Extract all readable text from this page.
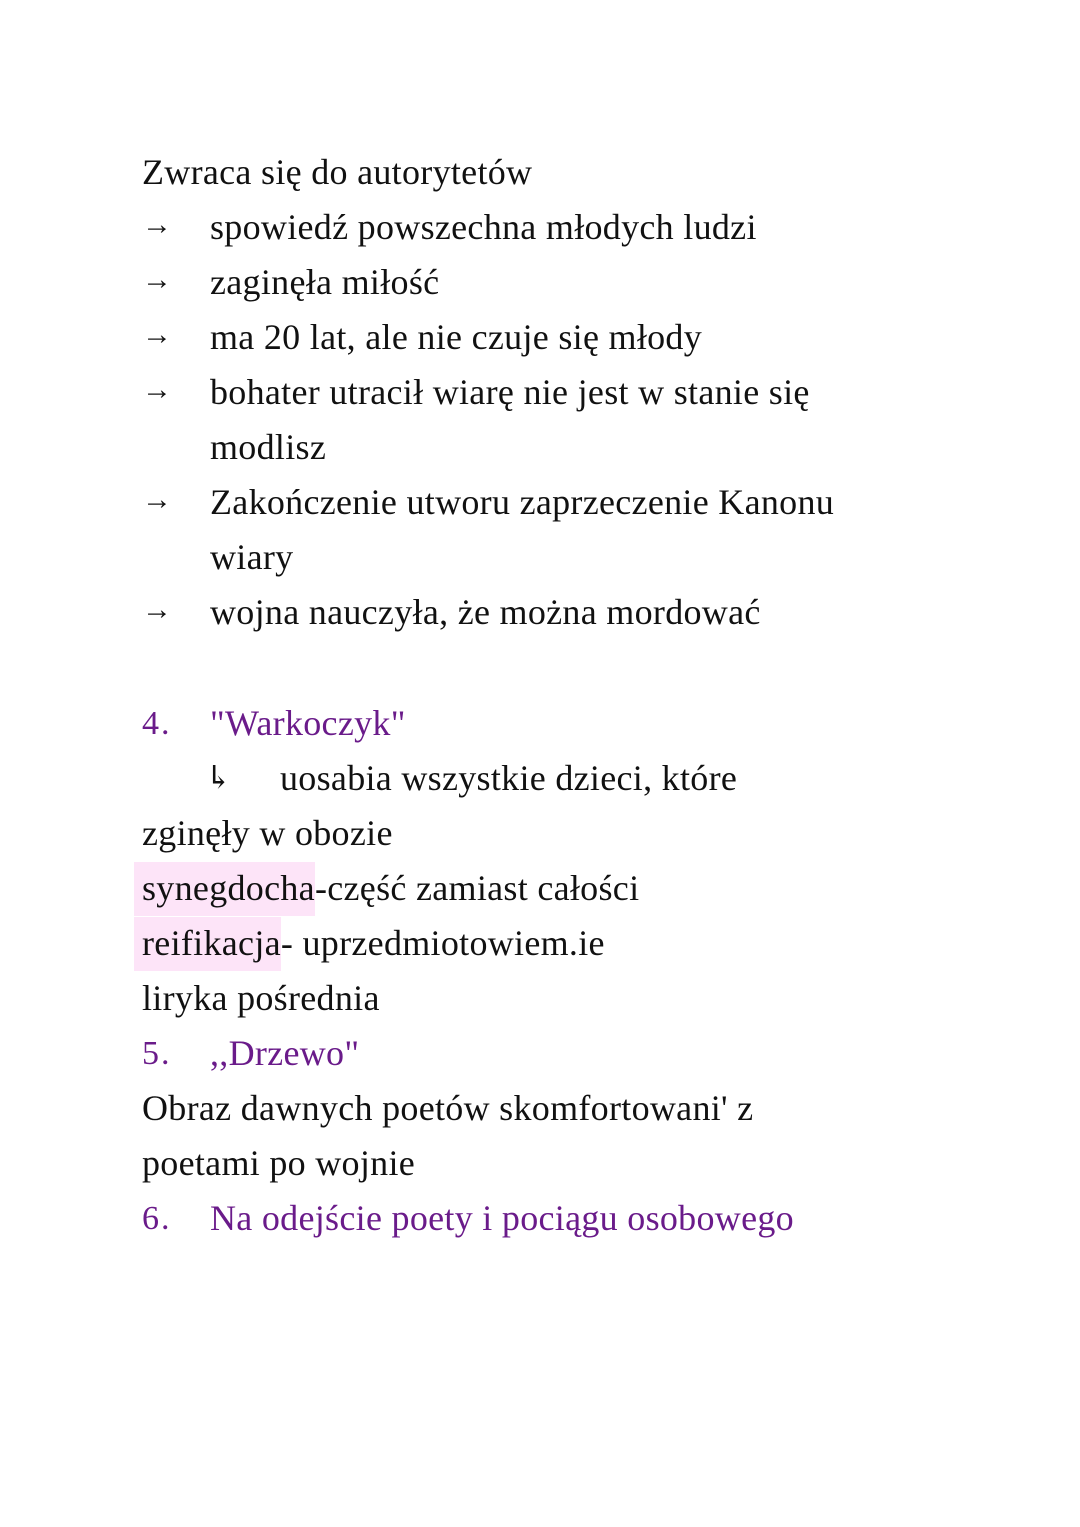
Zwraca się do autorytetów
→ spowiedź powszechna młodych ludzi
→ zaginęła miłość
→ ma 20 lat, ale nie czuje się młody
→ bohater utracił wiarę nie jest w stanie się
modlisz
→ Zakończenie utworu zaprzeczenie Kanonu
wiary
→ wojna nauczyła, że można mordować
4. "Warkoczyk"
↳ uosabia wszystkie dzieci, które
zginęły w obozie
synegdocha-część zamiast całości
reifikacja- uprzedmiotowiem.ie
liryka pośrednia
5. ,,Drzewo"
Obraz dawnych poetów skomfortowani' z
poetami po wojnie
6. Na odejście poety i pociągu osobowego
